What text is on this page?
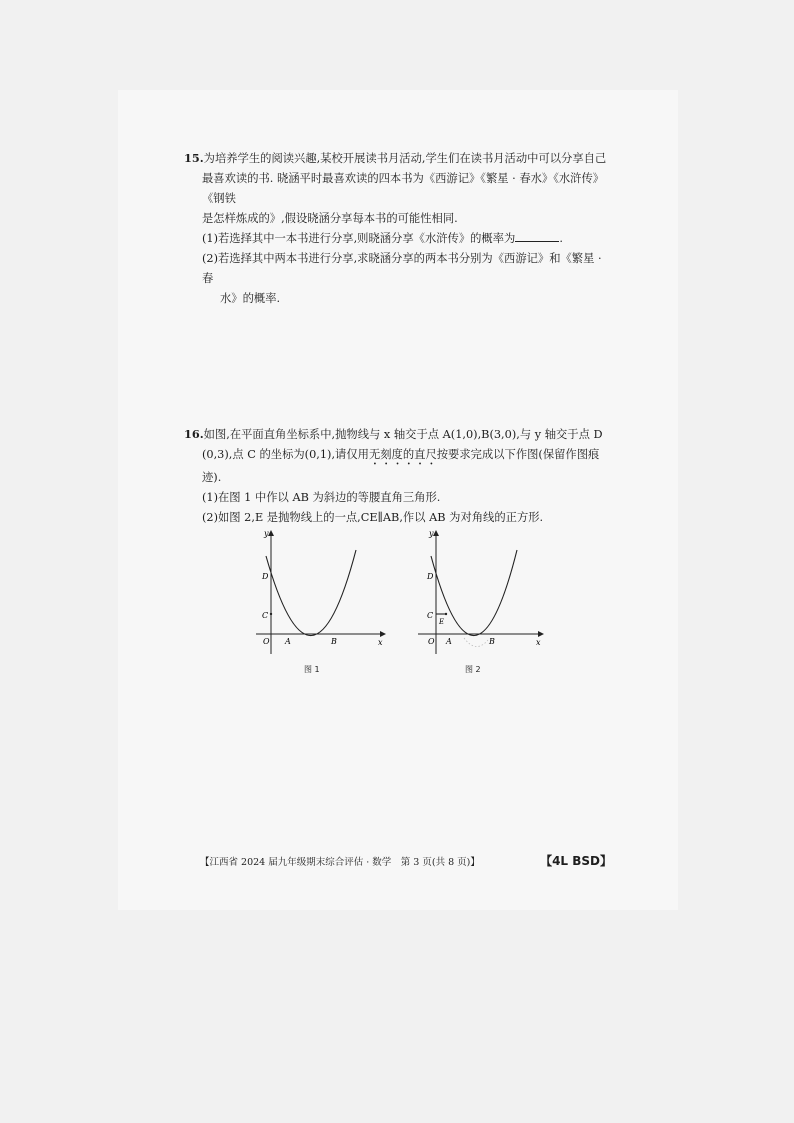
15.为培养学生的阅读兴趣,某校开展读书月活动,学生们在读书月活动中可以分享自己

最喜欢读的书. 晓涵平时最喜欢读的四本书为《西游记》《繁星 · 春水》《水浒传》《钢铁

是怎样炼成的》,假设晓涵分享每本书的可能性相同.

(1)若选择其中一本书进行分享,则晓涵分享《水浒传》的概率为	.

(2)若选择其中两本书进行分享,求晓涵分享的两本书分别为《西游记》和《繁星 · 春

水》的概率.

16.如图,在平面直角坐标系中,抛物线与 x 轴交于点 A(1,0),B(3,0),与 y 轴交于点 D

(0,3),点 C 的坐标为(0,1),请仅用无刻度的直尺按要求完成以下作图(保留作图痕

迹).

(1)在图 1 中作以 AB 为斜边的等腰直角三角形.

(2)如图 2,E 是抛物线上的一点,CE∥AB,作以 AB 为对角线的正方形.

y
x
D
C
O A	B
图 1
y
x
D
C
E
O A	B
图 2
【江西省 2024 届九年级期末综合评估 · 数学　第 3 页(共 8 页)】	【4L BSD】
